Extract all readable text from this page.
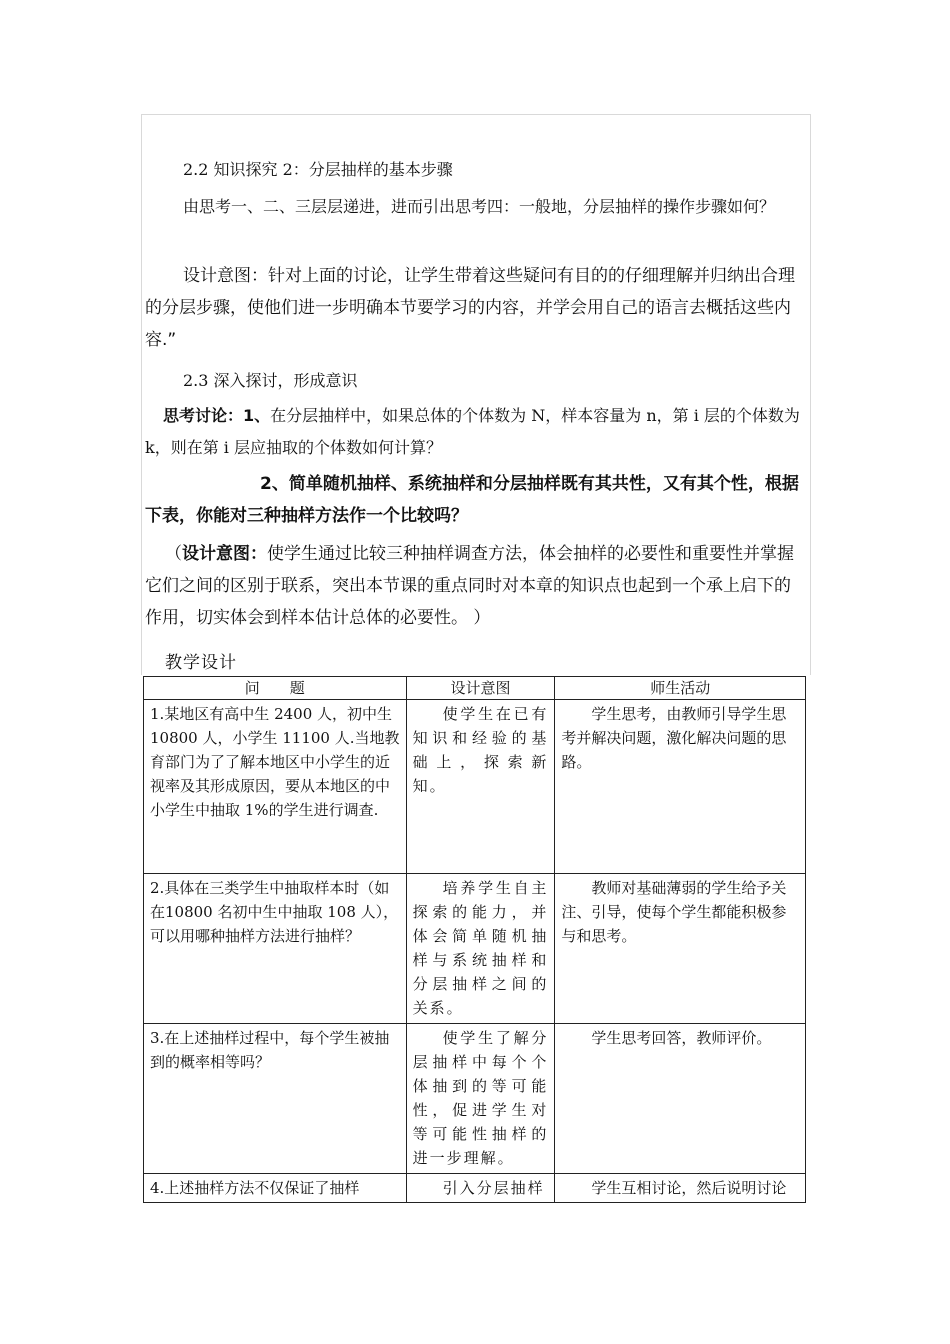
2.2 知识探究 2：分层抽样的基本步骤
由思考一、二、三层层递进，进而引出思考四：一般地，分层抽样的操作步骤如何？
设计意图：针对上面的讨论，让学生带着这些疑问有目的的仔细理解并归纳出合理的分层步骤，使他们进一步明确本节要学习的内容，并学会用自己的语言去概括这些内容.”
2.3 深入探讨，形成意识
思考讨论：1、在分层抽样中，如果总体的个体数为 N，样本容量为 n，第 i 层的个体数为 k，则在第 i 层应抽取的个体数如何计算？
2、简单随机抽样、系统抽样和分层抽样既有其共性，又有其个性，根据下表，你能对三种抽样方法作一个比较吗？
（设计意图：使学生通过比较三种抽样调查方法，体会抽样的必要性和重要性并掌握它们之间的区别于联系，突出本节课的重点同时对本章的知识点也起到一个承上启下的作用，切实体会到样本估计总体的必要性。 ）
教学设计
问　　题	设计意图	师生活动
1.某地区有高中生 2400 人，初中生 10800 人，小学生 11100 人.当地教育部门为了了解本地区中小学生的近视率及其形成原因，要从本地区的中小学生中抽取 1%的学生进行调查.	使学生在已有知识和经验的基础上，探索新知。	学生思考，由教师引导学生思考并解决问题，激化解决问题的思路。
2.具体在三类学生中抽取样本时（如在10800 名初中生中抽取 108 人），可以用哪种抽样方法进行抽样？	培养学生自主探索的能力，并体会简单随机抽样与系统抽样和分层抽样之间的关系。	教师对基础薄弱的学生给予关注、引导，使每个学生都能积极参与和思考。
3.在上述抽样过程中，每个学生被抽到的概率相等吗？	使学生了解分层抽样中每个个体抽到的等可能性，促进学生对等可能性抽样的进一步理解。	学生思考回答，教师评价。
4.上述抽样方法不仅保证了抽样	引入分层抽样	学生互相讨论，然后说明讨论
